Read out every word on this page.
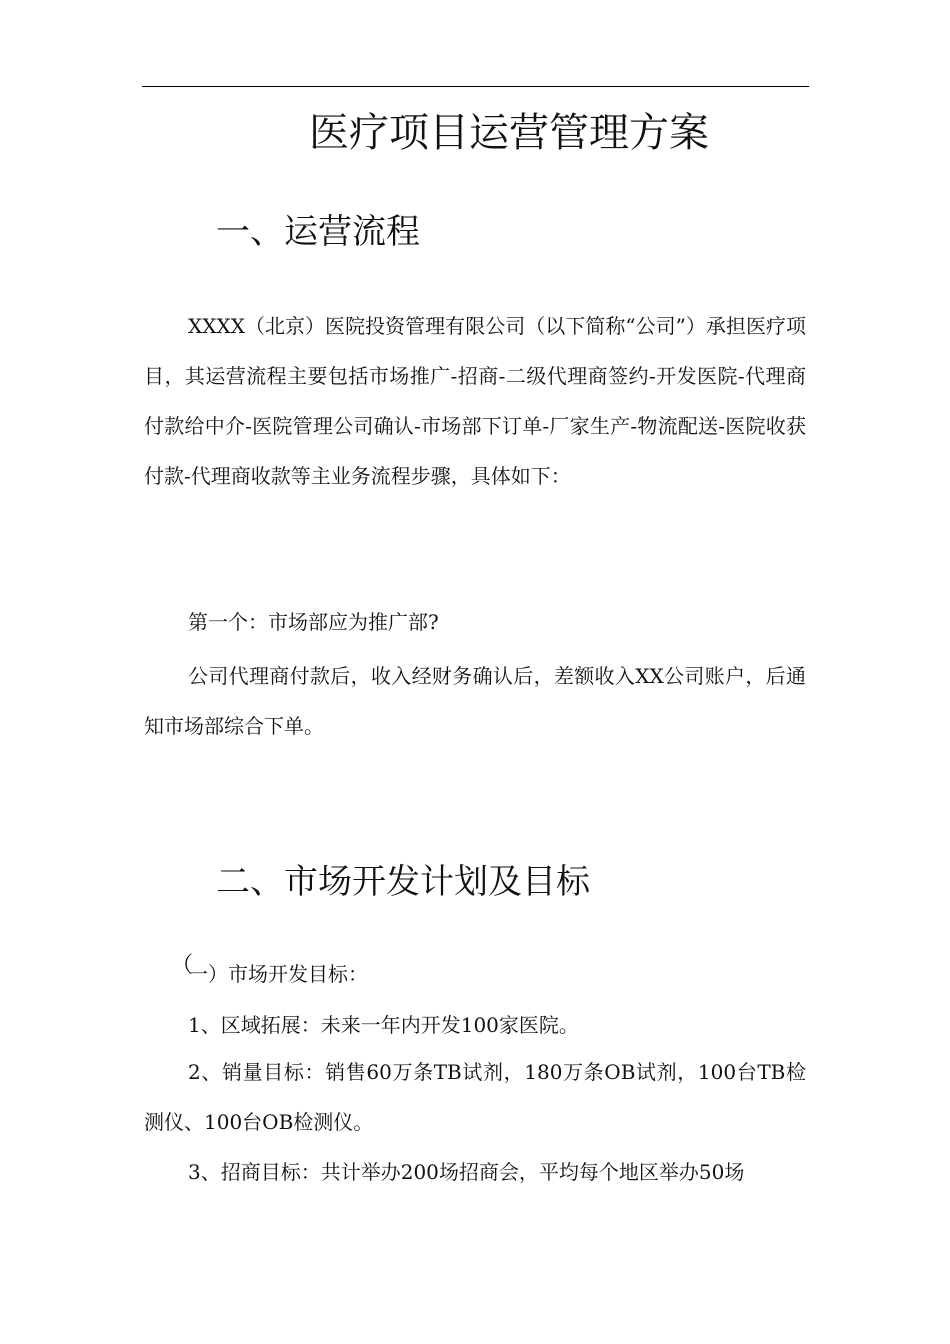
医疗项目运营管理方案
一、运营流程
XXXX（北京）医院投资管理有限公司（以下简称“公司”）承担医疗项目，其运营流程主要包括市场推广-招商-二级代理商签约-开发医院-代理商付款给中介-医院管理公司确认-市场部下订单-厂家生产-物流配送-医院收获付款-代理商收款等主业务流程步骤，具体如下：
第一个：市场部应为推广部?
公司代理商付款后，收入经财务确认后，差额收入XX公司账户，后通知市场部综合下单。
二、市场开发计划及目标
（
一）市场开发目标：
1、区域拓展：未来一年内开发100家医院。
2、销量目标：销售60万条TB试剂，180万条OB试剂，100台TB检测仪、100台OB检测仪。
3、招商目标：共计举办200场招商会，平均每个地区举办50场
